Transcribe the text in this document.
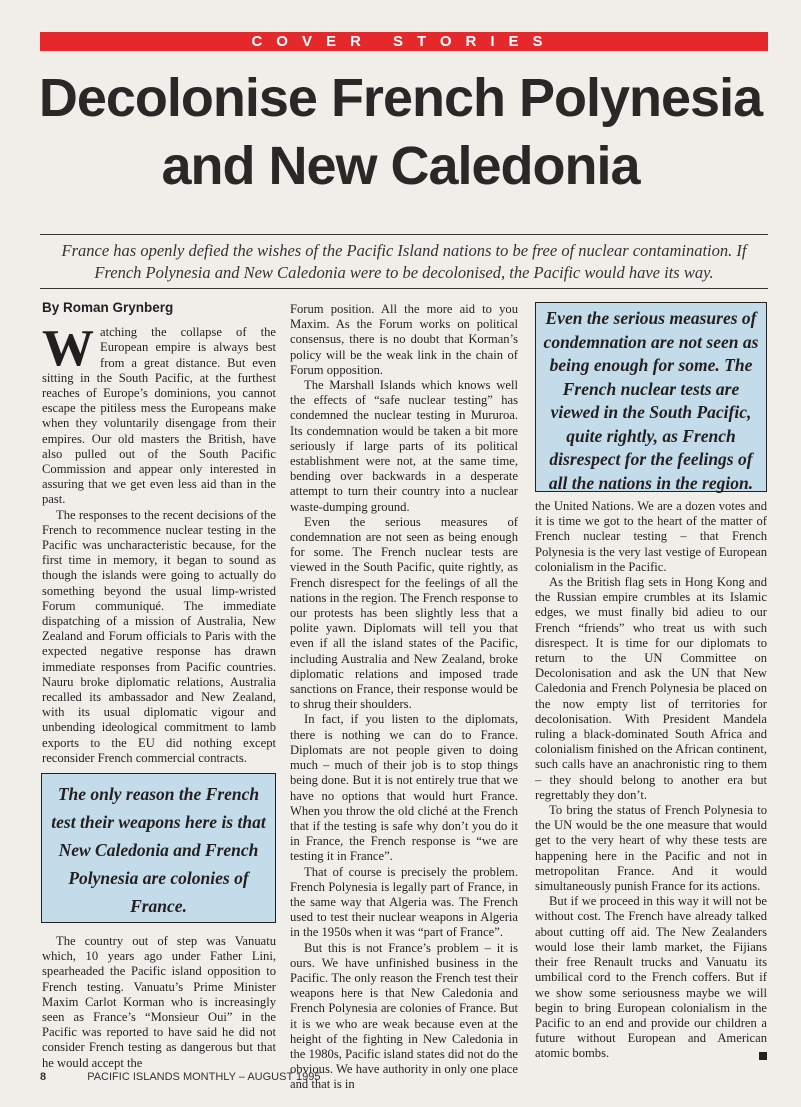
COVER STORIES
Decolonise French Polynesia
and New Caledonia
France has openly defied the wishes of the Pacific Island nations to be free of nuclear contamination. If French Polynesia and New Caledonia were to be decolonised, the Pacific would have its way.
By Roman Grynberg

Watching the collapse of the European empire is always best from a great distance. But even sitting in the South Pacific, at the furthest reaches of Europe’s dominions, you cannot escape the pitiless mess the Europeans make when they voluntarily disengage from their empires. Our old masters the British, have also pulled out of the South Pacific Commission and appear only interested in assuring that we get even less aid than in the past.

The responses to the recent decisions of the French to recommence nuclear testing in the Pacific was uncharacteristic because, for the first time in memory, it began to sound as though the islands were going to actually do something beyond the usual limp-wristed Forum communiqué. The immediate dispatching of a mission of Australia, New Zealand and Forum officials to Paris with the expected negative response has drawn immediate responses from Pacific countries. Nauru broke diplomatic relations, Australia recalled its ambassador and New Zealand, with its usual diplomatic vigour and unbending ideological commitment to lamb exports to the EU did nothing except reconsider French commercial contracts.

The only reason the French test their weapons here is that New Caledonia and French Polynesia are colonies of France.

The country out of step was Vanuatu which, 10 years ago under Father Lini, spearheaded the Pacific island opposition to French testing. Vanuatu’s Prime Minister Maxim Carlot Korman who is increasingly seen as France’s “Monsieur Oui” in the Pacific was reported to have said he did not consider French testing as dangerous but that he would accept the

Forum position. All the more aid to you Maxim. As the Forum works on political consensus, there is no doubt that Korman’s policy will be the weak link in the chain of Forum opposition.

The Marshall Islands which knows well the effects of “safe nuclear testing” has condemned the nuclear testing in Mururoa. Its condemnation would be taken a bit more seriously if large parts of its political establishment were not, at the same time, bending over backwards in a desperate attempt to turn their country into a nuclear waste-dumping ground.

Even the serious measures of condemnation are not seen as being enough for some. The French nuclear tests are viewed in the South Pacific, quite rightly, as French disrespect for the feelings of all the nations in the region. The French response to our protests has been slightly less that a polite yawn. Diplomats will tell you that even if all the island states of the Pacific, including Australia and New Zealand, broke diplomatic relations and imposed trade sanctions on France, their response would be to shrug their shoulders.

In fact, if you listen to the diplomats, there is nothing we can do to France. Diplomats are not people given to doing much – much of their job is to stop things being done. But it is not entirely true that we have no options that would hurt France. When you throw the old cliché at the French that if the testing is safe why don’t you do it in France, the French response is “we are testing it in France”.

That of course is precisely the problem. French Polynesia is legally part of France, in the same way that Algeria was. The French used to test their nuclear weapons in Algeria in the 1950s when it was “part of France”.

But this is not France’s problem – it is ours. We have unfinished business in the Pacific. The only reason the French test their weapons here is that New Caledonia and French Polynesia are colonies of France. But it is we who are weak because even at the height of the fighting in New Caledonia in the 1980s, Pacific island states did not do the obvious. We have authority in only one place and that is in

Even the serious measures of condemnation are not seen as being enough for some. The French nuclear tests are viewed in the South Pacific, quite rightly, as French disrespect for the feelings of all the nations in the region.

the United Nations. We are a dozen votes and it is time we got to the heart of the matter of French nuclear testing – that French Polynesia is the very last vestige of European colonialism in the Pacific.

As the British flag sets in Hong Kong and the Russian empire crumbles at its Islamic edges, we must finally bid adieu to our French “friends” who treat us with such disrespect. It is time for our diplomats to return to the UN Committee on Decolonisation and ask the UN that New Caledonia and French Polynesia be placed on the now empty list of territories for decolonisation. With President Mandela ruling a black-dominated South Africa and colonialism finished on the African continent, such calls have an anachronistic ring to them – they should belong to another era but regrettably they don’t.

To bring the status of French Polynesia to the UN would be the one measure that would get to the very heart of why these tests are happening here in the Pacific and not in metropolitan France. And it would simultaneously punish France for its actions.

But if we proceed in this way it will not be without cost. The French have already talked about cutting off aid. The New Zealanders would lose their lamb market, the Fijians their free Renault trucks and Vanuatu its umbilical cord to the French coffers. But if we show some seriousness maybe we will begin to bring European colonialism in the Pacific to an end and provide our children a future without European and American atomic bombs.

8	PACIFIC ISLANDS MONTHLY – AUGUST 1995
